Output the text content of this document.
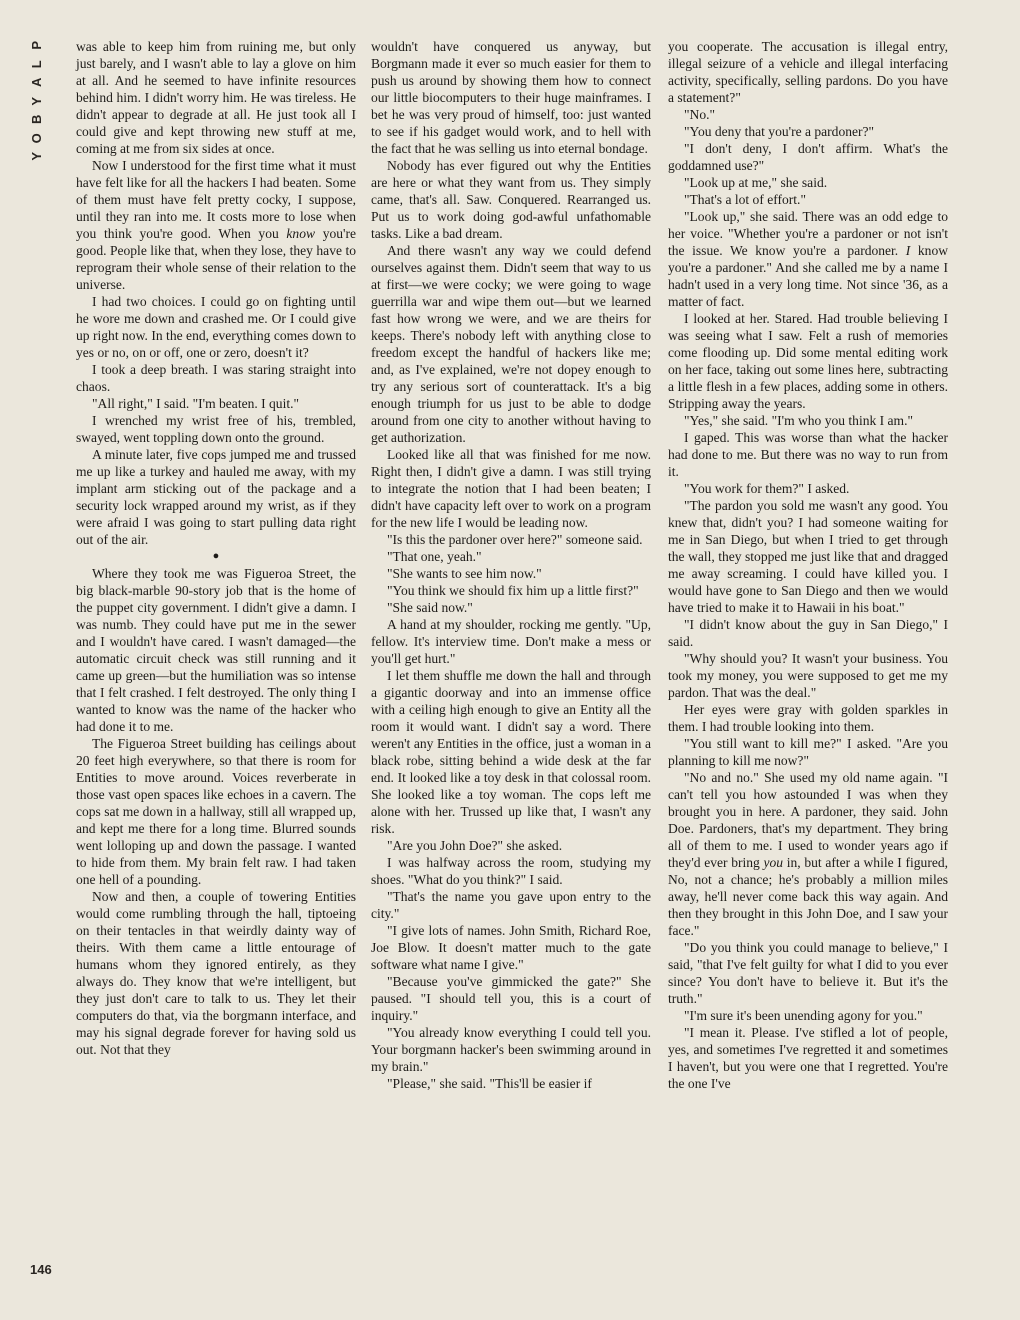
P
L
A
Y
B
O
Y

was able to keep him from ruining me, but only just barely, and I wasn't able to lay a glove on him at all. And he seemed to have infinite resources behind him. I didn't worry him. He was tireless. He didn't appear to degrade at all. He just took all I could give and kept throwing new stuff at me, coming at me from six sides at once.

Now I understood for the first time what it must have felt like for all the hackers I had beaten. Some of them must have felt pretty cocky, I suppose, until they ran into me. It costs more to lose when you think you're good. When you know you're good. People like that, when they lose, they have to reprogram their whole sense of their relation to the universe.

I had two choices. I could go on fighting until he wore me down and crashed me. Or I could give up right now. In the end, everything comes down to yes or no, on or off, one or zero, doesn't it?

I took a deep breath. I was staring straight into chaos.

"All right," I said. "I'm beaten. I quit."

I wrenched my wrist free of his, trembled, swayed, went toppling down onto the ground.

A minute later, five cops jumped me and trussed me up like a turkey and hauled me away, with my implant arm sticking out of the package and a security lock wrapped around my wrist, as if they were afraid I was going to start pulling data right out of the air.

●

Where they took me was Figueroa Street, the big black-marble 90-story job that is the home of the puppet city government. I didn't give a damn. I was numb. They could have put me in the sewer and I wouldn't have cared. I wasn't damaged—the automatic circuit check was still running and it came up green—but the humiliation was so intense that I felt crashed. I felt destroyed. The only thing I wanted to know was the name of the hacker who had done it to me.

The Figueroa Street building has ceilings about 20 feet high everywhere, so that there is room for Entities to move around. Voices reverberate in those vast open spaces like echoes in a cavern. The cops sat me down in a hallway, still all wrapped up, and kept me there for a long time. Blurred sounds went lolloping up and down the passage. I wanted to hide from them. My brain felt raw. I had taken one hell of a pounding.

Now and then, a couple of towering Entities would come rumbling through the hall, tiptoeing on their tentacles in that weirdly dainty way of theirs. With them came a little entourage of humans whom they ignored entirely, as they always do. They know that we're intelligent, but they just don't care to talk to us. They let their computers do that, via the borgmann interface, and may his signal degrade forever for having sold us out. Not that they

wouldn't have conquered us anyway, but Borgmann made it ever so much easier for them to push us around by showing them how to connect our little biocomputers to their huge mainframes. I bet he was very proud of himself, too: just wanted to see if his gadget would work, and to hell with the fact that he was selling us into eternal bondage.

Nobody has ever figured out why the Entities are here or what they want from us. They simply came, that's all. Saw. Conquered. Rearranged us. Put us to work doing god-awful unfathomable tasks. Like a bad dream.

And there wasn't any way we could defend ourselves against them. Didn't seem that way to us at first—we were cocky; we were going to wage guerrilla war and wipe them out—but we learned fast how wrong we were, and we are theirs for keeps. There's nobody left with anything close to freedom except the handful of hackers like me; and, as I've explained, we're not dopey enough to try any serious sort of counterattack. It's a big enough triumph for us just to be able to dodge around from one city to another without having to get authorization.

Looked like all that was finished for me now. Right then, I didn't give a damn. I was still trying to integrate the notion that I had been beaten; I didn't have capacity left over to work on a program for the new life I would be leading now.

"Is this the pardoner over here?" someone said.

"That one, yeah."

"She wants to see him now."

"You think we should fix him up a little first?"

"She said now."

A hand at my shoulder, rocking me gently. "Up, fellow. It's interview time. Don't make a mess or you'll get hurt."

I let them shuffle me down the hall and through a gigantic doorway and into an immense office with a ceiling high enough to give an Entity all the room it would want. I didn't say a word. There weren't any Entities in the office, just a woman in a black robe, sitting behind a wide desk at the far end. It looked like a toy desk in that colossal room. She looked like a toy woman. The cops left me alone with her. Trussed up like that, I wasn't any risk.

"Are you John Doe?" she asked.

I was halfway across the room, studying my shoes. "What do you think?" I said.

"That's the name you gave upon entry to the city."

"I give lots of names. John Smith, Richard Roe, Joe Blow. It doesn't matter much to the gate software what name I give."

"Because you've gimmicked the gate?" She paused. "I should tell you, this is a court of inquiry."

"You already know everything I could tell you. Your borgmann hacker's been swimming around in my brain."

"Please," she said. "This'll be easier if

you cooperate. The accusation is illegal entry, illegal seizure of a vehicle and illegal interfacing activity, specifically, selling pardons. Do you have a statement?"

"No."

"You deny that you're a pardoner?"

"I don't deny, I don't affirm. What's the goddamned use?"

"Look up at me," she said.

"That's a lot of effort."

"Look up," she said. There was an odd edge to her voice. "Whether you're a pardoner or not isn't the issue. We know you're a pardoner. I know you're a pardoner." And she called me by a name I hadn't used in a very long time. Not since '36, as a matter of fact.

I looked at her. Stared. Had trouble believing I was seeing what I saw. Felt a rush of memories come flooding up. Did some mental editing work on her face, taking out some lines here, subtracting a little flesh in a few places, adding some in others. Stripping away the years.

"Yes," she said. "I'm who you think I am."

I gaped. This was worse than what the hacker had done to me. But there was no way to run from it.

"You work for them?" I asked.

"The pardon you sold me wasn't any good. You knew that, didn't you? I had someone waiting for me in San Diego, but when I tried to get through the wall, they stopped me just like that and dragged me away screaming. I could have killed you. I would have gone to San Diego and then we would have tried to make it to Hawaii in his boat."

"I didn't know about the guy in San Diego," I said.

"Why should you? It wasn't your business. You took my money, you were supposed to get me my pardon. That was the deal."

Her eyes were gray with golden sparkles in them. I had trouble looking into them.

"You still want to kill me?" I asked. "Are you planning to kill me now?"

"No and no." She used my old name again. "I can't tell you how astounded I was when they brought you in here. A pardoner, they said. John Doe. Pardoners, that's my department. They bring all of them to me. I used to wonder years ago if they'd ever bring you in, but after a while I figured, No, not a chance; he's probably a million miles away, he'll never come back this way again. And then they brought in this John Doe, and I saw your face."

"Do you think you could manage to believe," I said, "that I've felt guilty for what I did to you ever since? You don't have to believe it. But it's the truth."

"I'm sure it's been unending agony for you."

"I mean it. Please. I've stifled a lot of people, yes, and sometimes I've regretted it and sometimes I haven't, but you were one that I regretted. You're the one I've

146
